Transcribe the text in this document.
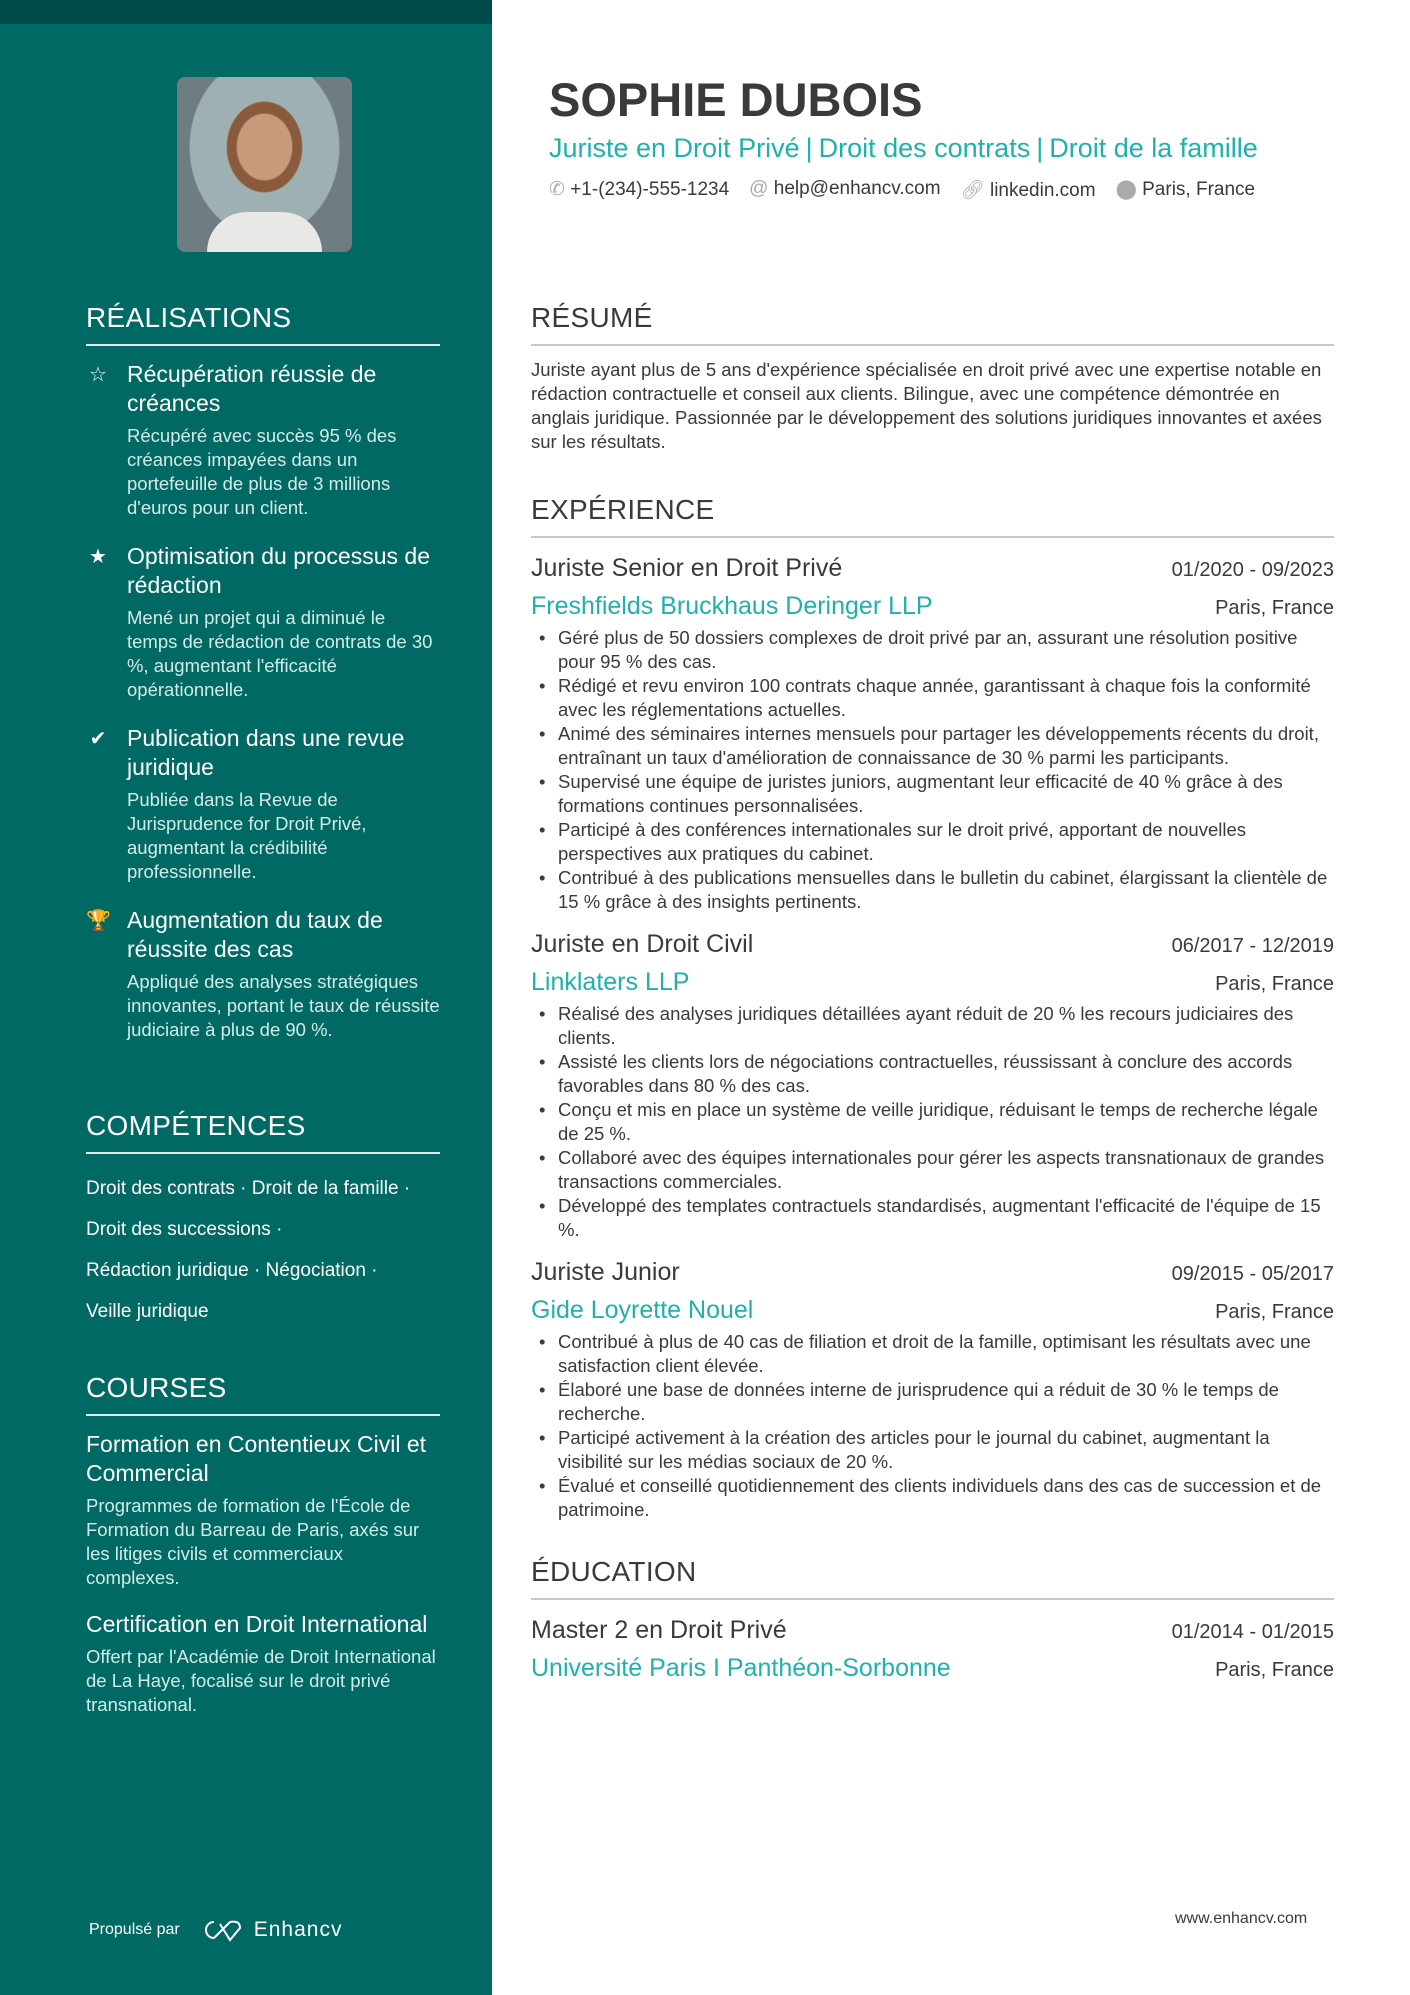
RÉALISATIONS
☆ Récupération réussie de créances
Récupéré avec succès 95 % des créances impayées dans un portefeuille de plus de 3 millions d'euros pour un client.
★ Optimisation du processus de rédaction
Mené un projet qui a diminué le temps de rédaction de contrats de 30 %, augmentant l'efficacité opérationnelle.
✔ Publication dans une revue juridique
Publiée dans la Revue de Jurisprudence for Droit Privé, augmentant la crédibilité professionnelle.
🏆 Augmentation du taux de réussite des cas
Appliqué des analyses stratégiques innovantes, portant le taux de réussite judiciaire à plus de 90 %.
COMPÉTENCES
Droit des contrats · Droit de la famille ·
Droit des successions ·
Rédaction juridique · Négociation ·
Veille juridique
COURSES
Formation en Contentieux Civil et Commercial
Programmes de formation de l'École de Formation du Barreau de Paris, axés sur les litiges civils et commerciaux complexes.
Certification en Droit International
Offert par l'Académie de Droit International de La Haye, focalisé sur le droit privé transnational.
Propulsé par	Enhancv
SOPHIE DUBOIS
Juriste en Droit Privé | Droit des contrats | Droit de la famille
✆ +1-(234)-555-1234 @ help@enhancv.com 🔗︎ linkedin.com ⬤ Paris, France
RÉSUMÉ
Juriste ayant plus de 5 ans d'expérience spécialisée en droit privé avec une expertise notable en rédaction contractuelle et conseil aux clients. Bilingue, avec une compétence démontrée en anglais juridique. Passionnée par le développement des solutions juridiques innovantes et axées sur les résultats.
EXPÉRIENCE
Juriste Senior en Droit Privé	01/2020 - 09/2023
Freshfields Bruckhaus Deringer LLP	Paris, France
• Géré plus de 50 dossiers complexes de droit privé par an, assurant une résolution positive pour 95 % des cas.
• Rédigé et revu environ 100 contrats chaque année, garantissant à chaque fois la conformité avec les réglementations actuelles.
• Animé des séminaires internes mensuels pour partager les développements récents du droit, entraînant un taux d'amélioration de connaissance de 30 % parmi les participants.
• Supervisé une équipe de juristes juniors, augmentant leur efficacité de 40 % grâce à des formations continues personnalisées.
• Participé à des conférences internationales sur le droit privé, apportant de nouvelles perspectives aux pratiques du cabinet.
• Contribué à des publications mensuelles dans le bulletin du cabinet, élargissant la clientèle de 15 % grâce à des insights pertinents.
Juriste en Droit Civil	06/2017 - 12/2019
Linklaters LLP	Paris, France
• Réalisé des analyses juridiques détaillées ayant réduit de 20 % les recours judiciaires des clients.
• Assisté les clients lors de négociations contractuelles, réussissant à conclure des accords favorables dans 80 % des cas.
• Conçu et mis en place un système de veille juridique, réduisant le temps de recherche légale de 25 %.
• Collaboré avec des équipes internationales pour gérer les aspects transnationaux de grandes transactions commerciales.
• Développé des templates contractuels standardisés, augmentant l'efficacité de l'équipe de 15 %.
Juriste Junior	09/2015 - 05/2017
Gide Loyrette Nouel	Paris, France
• Contribué à plus de 40 cas de filiation et droit de la famille, optimisant les résultats avec une satisfaction client élevée.
• Élaboré une base de données interne de jurisprudence qui a réduit de 30 % le temps de recherche.
• Participé activement à la création des articles pour le journal du cabinet, augmentant la visibilité sur les médias sociaux de 20 %.
• Évalué et conseillé quotidiennement des clients individuels dans des cas de succession et de patrimoine.
ÉDUCATION
Master 2 en Droit Privé	01/2014 - 01/2015
Université Paris I Panthéon-Sorbonne	Paris, France
www.enhancv.com
